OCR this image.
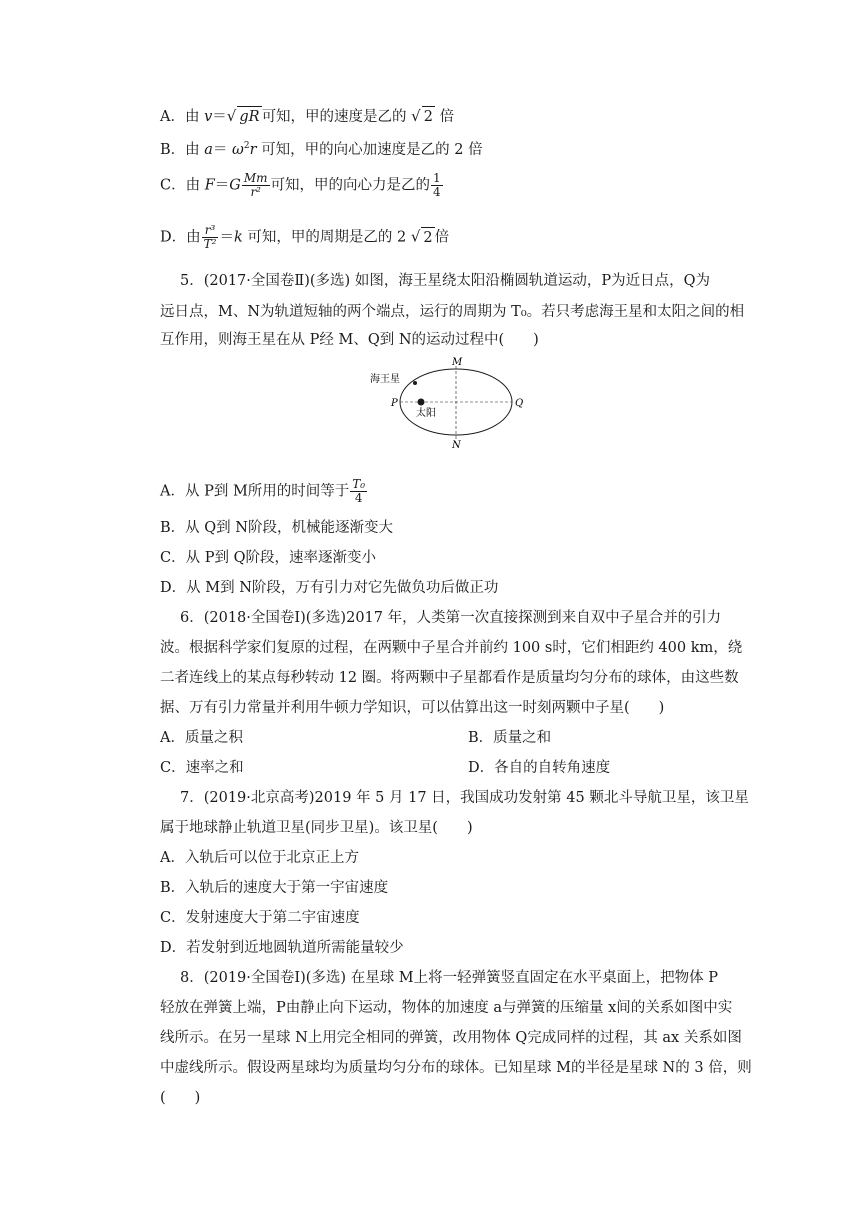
A．由 v＝√ gR 可知，甲的速度是乙的 √ 2 倍
B．由 $a= \omega^2r$ 可知，甲的向心加速度是乙的 2 倍
C．由 $F=G \frac{Mm}{\text{r²}}$ 可知，甲的向心力是乙的 $\frac{1}{4}$
D．由 $\frac{\text{r³}}{\text{T²}} =k$ 可知，甲的周期是乙的 2 √ 2 倍
5．(2017·全国卷Ⅱ)(多选) 如图，海王星绕太阳沿椭圆轨道运动，P为近日点，Q为
远日点，M、N为轨道短轴的两个端点，运行的周期为 T₀。若只考虑海王星和太阳之间的相
互作用，则海王星在从 P经 M、Q到 N的运动过程中(　　)
海王星
太阳
P	Q
M
N
A．从 P到 M所用的时间等于 $\frac{\text{T₀}}{4}$
B．从 Q到 N阶段，机械能逐渐变大
C．从 P到 Q阶段，速率逐渐变小
D．从 M到 N阶段，万有引力对它先做负功后做正功
6．(2018·全国卷Ⅰ)(多选)2017 年，人类第一次直接探测到来自双中子星合并的引力
波。根据科学家们复原的过程，在两颗中子星合并前约 100 s时，它们相距约 400 km，绕
二者连线上的某点每秒转动 12 圈。将两颗中子星都看作是质量均匀分布的球体，由这些数
据、万有引力常量并利用牛顿力学知识，可以估算出这一时刻两颗中子星(　　)
A．质量之积	B．质量之和
C．速率之和	D．各自的自转角速度
7．(2019·北京高考)2019 年 5 月 17 日，我国成功发射第 45 颗北斗导航卫星，该卫星
属于地球静止轨道卫星(同步卫星)。该卫星(　　)
A．入轨后可以位于北京正上方
B．入轨后的速度大于第一宇宙速度
C．发射速度大于第二宇宙速度
D．若发射到近地圆轨道所需能量较少
8．(2019·全国卷Ⅰ)(多选) 在星球 M上将一轻弹簧竖直固定在水平桌面上，把物体 P
轻放在弹簧上端，P由静止向下运动，物体的加速度 a与弹簧的压缩量 x间的关系如图中实
线所示。在另一星球 N上用完全相同的弹簧，改用物体 Q完成同样的过程，其 ax 关系如图
中虚线所示。假设两星球均为质量均匀分布的球体。已知星球 M的半径是星球 N的 3 倍，则
(　　)
